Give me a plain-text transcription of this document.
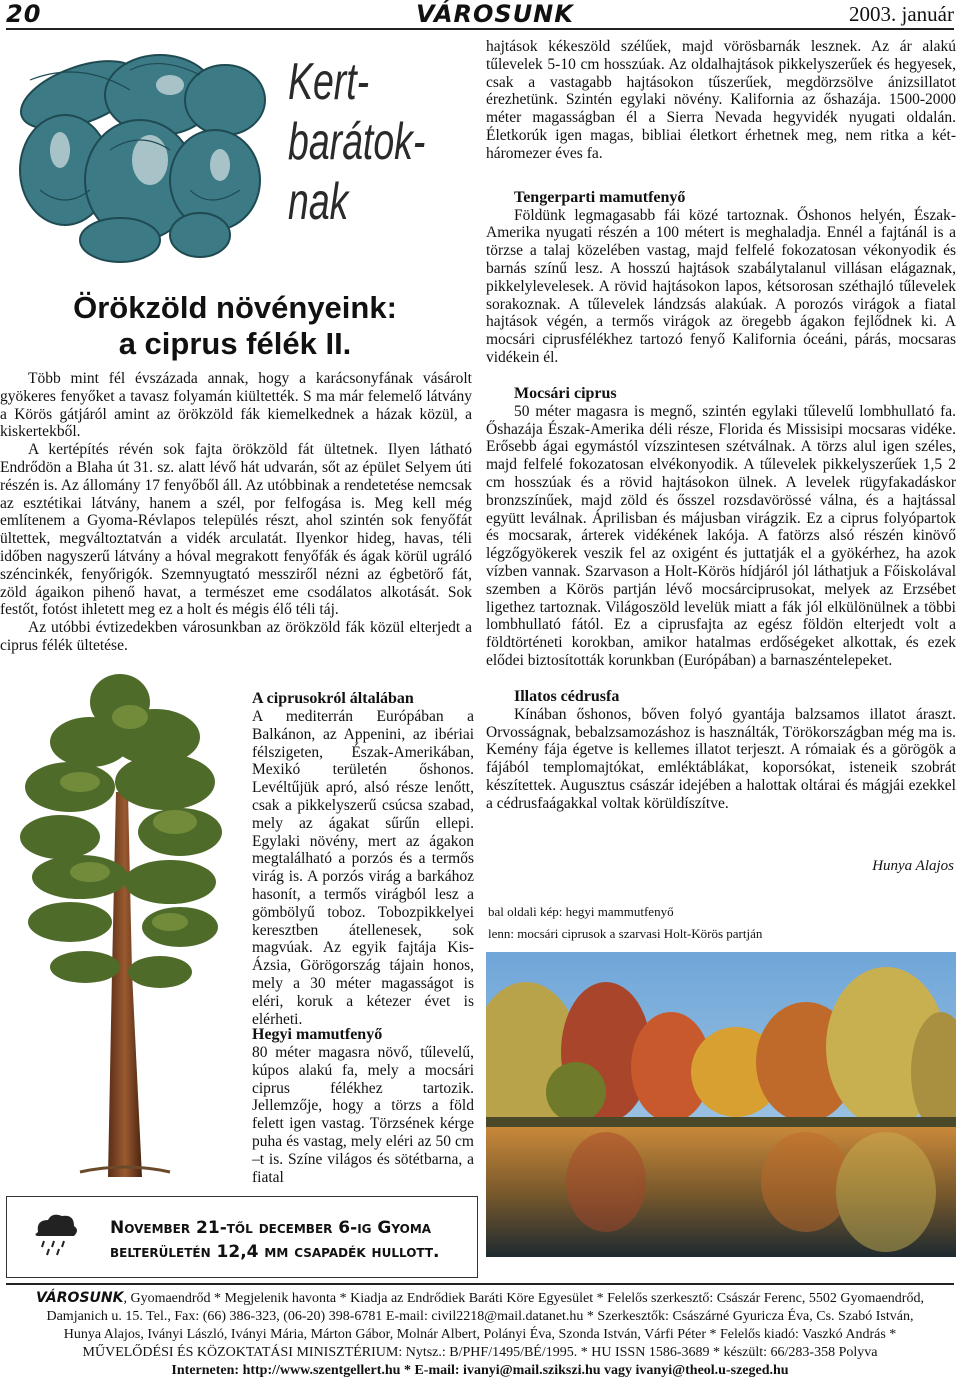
20	VÁROSUNK	2003. január
Kert-
barátok-
nak
Örökzöld növényeink:
a ciprus félék II.

Több mint fél évszázada annak, hogy a karácsonyfának vásárolt gyökeres fenyőket a tavasz folyamán kiültették. S ma már felemelő látvány a Körös gátjáról amint az örökzöld fák kiemelkednek a házak közül, a kiskertekből.

A kertépítés révén sok fajta örökzöld fát ültetnek. Ilyen látható Endrődön a Blaha út 31. sz. alatt lévő hát udvarán, sőt az épület Selyem úti részén is. Az állomány 17 fenyőből áll. Az utóbbinak a rendetetése nemcsak az esztétikai látvány, hanem a szél, por felfogása is. Meg kell még említenem a Gyoma-Révlapos település részt, ahol szintén sok fenyőfát ültettek, megváltoztatván a vidék arculatát. Ilyenkor hideg, havas, téli időben nagyszerű látvány a hóval megrakott fenyőfák és ágak körül ugráló széncinkék, fenyőrigók. Szemnyugtató messziről nézni az égbetörő fát, zöld ágaikon pihenő havat, a természet eme csodálatos alkotását. Sok festőt, fotóst ihletett meg ez a holt és mégis élő téli táj.

Az utóbbi évtizedekben városunkban az örökzöld fák közül elterjedt a ciprus félék ültetése.

A ciprusokról általában

A mediterrán Európában a Balkánon, az Appenini, az ibériai félszigeten, Észak-Amerikában, Mexikó területén őshonos. Levéltűjük apró, alsó része lenőtt, csak a pikkelyszerű csúcsa szabad, mely az ágakat sűrűn ellepi. Egylaki növény, mert az ágakon megtalálható a porzós és a termős virág is. A porzós virág a barkához hasonít, a termős virágból lesz a gömbölyű toboz. Tobozpikkelyei keresztben átellenesek, sok magvúak. Az egyik fajtája Kis-Ázsia, Görögország tájain honos, mely a 30 méter magasságot is eléri, koruk a kétezer évet is elérheti.

Hegyi mamutfenyő

80 méter magasra növő, tűlevelű, kúpos alakú fa, mely a mocsári ciprus félékhez tartozik. Jellemzője, hogy a törzs a föld felett igen vastag. Törzsének kérge puha és vastag, mely eléri az 50 cm –t is. Színe világos és sötétbarna, a fiatal

hajtások kékeszöld szélűek, majd vörösbarnák lesznek. Az ár alakú tűlevelek 5-10 cm hosszúak. Az oldalhajtások pikkelyszerűek és hegyesek, csak a vastagabb hajtásokon tűszerűek, megdörzsölve ánizsillatot érezhetünk. Szintén egylaki növény. Kalifornia az őshazája. 1500-2000 méter magasságban él a Sierra Nevada hegyvidék nyugati oldalán. Életkorúk igen magas, bibliai életkort érhetnek meg, nem ritka a két-háromezer éves fa.

Tengerparti mamutfenyő

Földünk legmagasabb fái közé tartoznak. Őshonos helyén, Észak-Amerika nyugati részén a 100 métert is meghaladja. Ennél a fajtánál is a törzse a talaj közelében vastag, majd felfelé fokozatosan vékonyodik és barnás színű lesz. A hosszú hajtások szabálytalanul villásan elágaznak, pikkelylevelesek. A rövid hajtásokon lapos, kétsorosan széthajló tűlevelek sorakoznak. A tűlevelek lándzsás alakúak. A porozós virágok a fiatal hajtások végén, a termős virágok az öregebb ágakon fejlődnek ki. A mocsári ciprusfélékhez tartozó fenyő Kalifornia óceáni, párás, mocsaras vidékein él.

Mocsári ciprus

50 méter magasra is megnő, szintén egylaki tűlevelű lombhullató fa. Őshazája Észak-Amerika déli része, Florida és Missisipi mocsaras vidéke. Erősebb ágai egymástól vízszintesen szétválnak. A törzs alul igen széles, majd felfelé fokozatosan elvékonyodik. A tűlevelek pikkelyszerűek 1,5 2 cm hosszúak és a rövid hajtásokon ülnek. A levelek rügyfakadáskor bronzszínűek, majd zöld és ősszel rozsdavörössé válna, és a hajtással együtt leválnak. Áprilisban és májusban virágzik. Ez a ciprus folyópartok és mocsarak, árterek vidékének lakója. A fatörzs alsó részén kinövő légzőgyökerek veszik fel az oxigént és juttatják el a gyökérhez, ha azok vízben vannak. Szarvason a Holt-Körös hídjáról jól láthatjuk a Főiskolával szemben a Körös partján lévő mocsárciprusokat, melyek az Erzsébet ligethez tartoznak. Világoszöld levelük miatt a fák jól elkülönülnek a többi lombhullató fától. Ez a ciprusfajta az egész földön elterjedt volt a földtörténeti korokban, amikor hatalmas erdőségeket alkottak, és ezek elődei biztosították korunkban (Európában) a barnaszéntelepeket.

Illatos cédrusfa

Kínában őshonos, bőven folyó gyantája balzsamos illatot áraszt. Orvosságnak, bebalzsamozáshoz is használták, Törökországban még ma is. Kemény fája égetve is kellemes illatot terjeszt. A rómaiak és a görögök a fájából templomajtókat, emléktáblákat, koporsókat, isteneik szobrát készítettek. Augusztus császár idejében a halottak oltárai és mágjái ezekkel a cédrusfaágakkal voltak körüldíszítve.

Hunya Alajos
bal oldali kép: hegyi mammutfenyő
lenn: mocsári ciprusok a szarvasi Holt-Körös partján
November 21-től december 6-ig Gyoma
belterületén 12,4 mm csapadék hullott.
VÁROSUNK, Gyomaendrőd * Megjelenik havonta * Kiadja az Endrődiek Baráti Köre Egyesület * Felelős szerkesztő: Császár Ferenc, 5502 Gyomaendrőd,
Damjanich u. 15. Tel., Fax: (66) 386-323, (06-20) 398-6781 E-mail: civil2218@mail.datanet.hu * Szerkesztők: Császárné Gyuricza Éva, Cs. Szabó István,
Hunya Alajos, Iványi László, Iványi Mária, Márton Gábor, Molnár Albert, Polányi Éva, Szonda István, Várfi Péter * Felelős kiadó: Vaszkó András *
MŰVELŐDÉSI ÉS KÖZOKTATÁSI MINISZTÉRIUM: Nytsz.: B/PHF/1495/BÉ/1995. * HU ISSN 1586-3689 * készült: 66/283-358 Polyva
Interneten: http://www.szentgellert.hu * E-mail: ivanyi@mail.szikszi.hu vagy ivanyi@theol.u-szeged.hu
